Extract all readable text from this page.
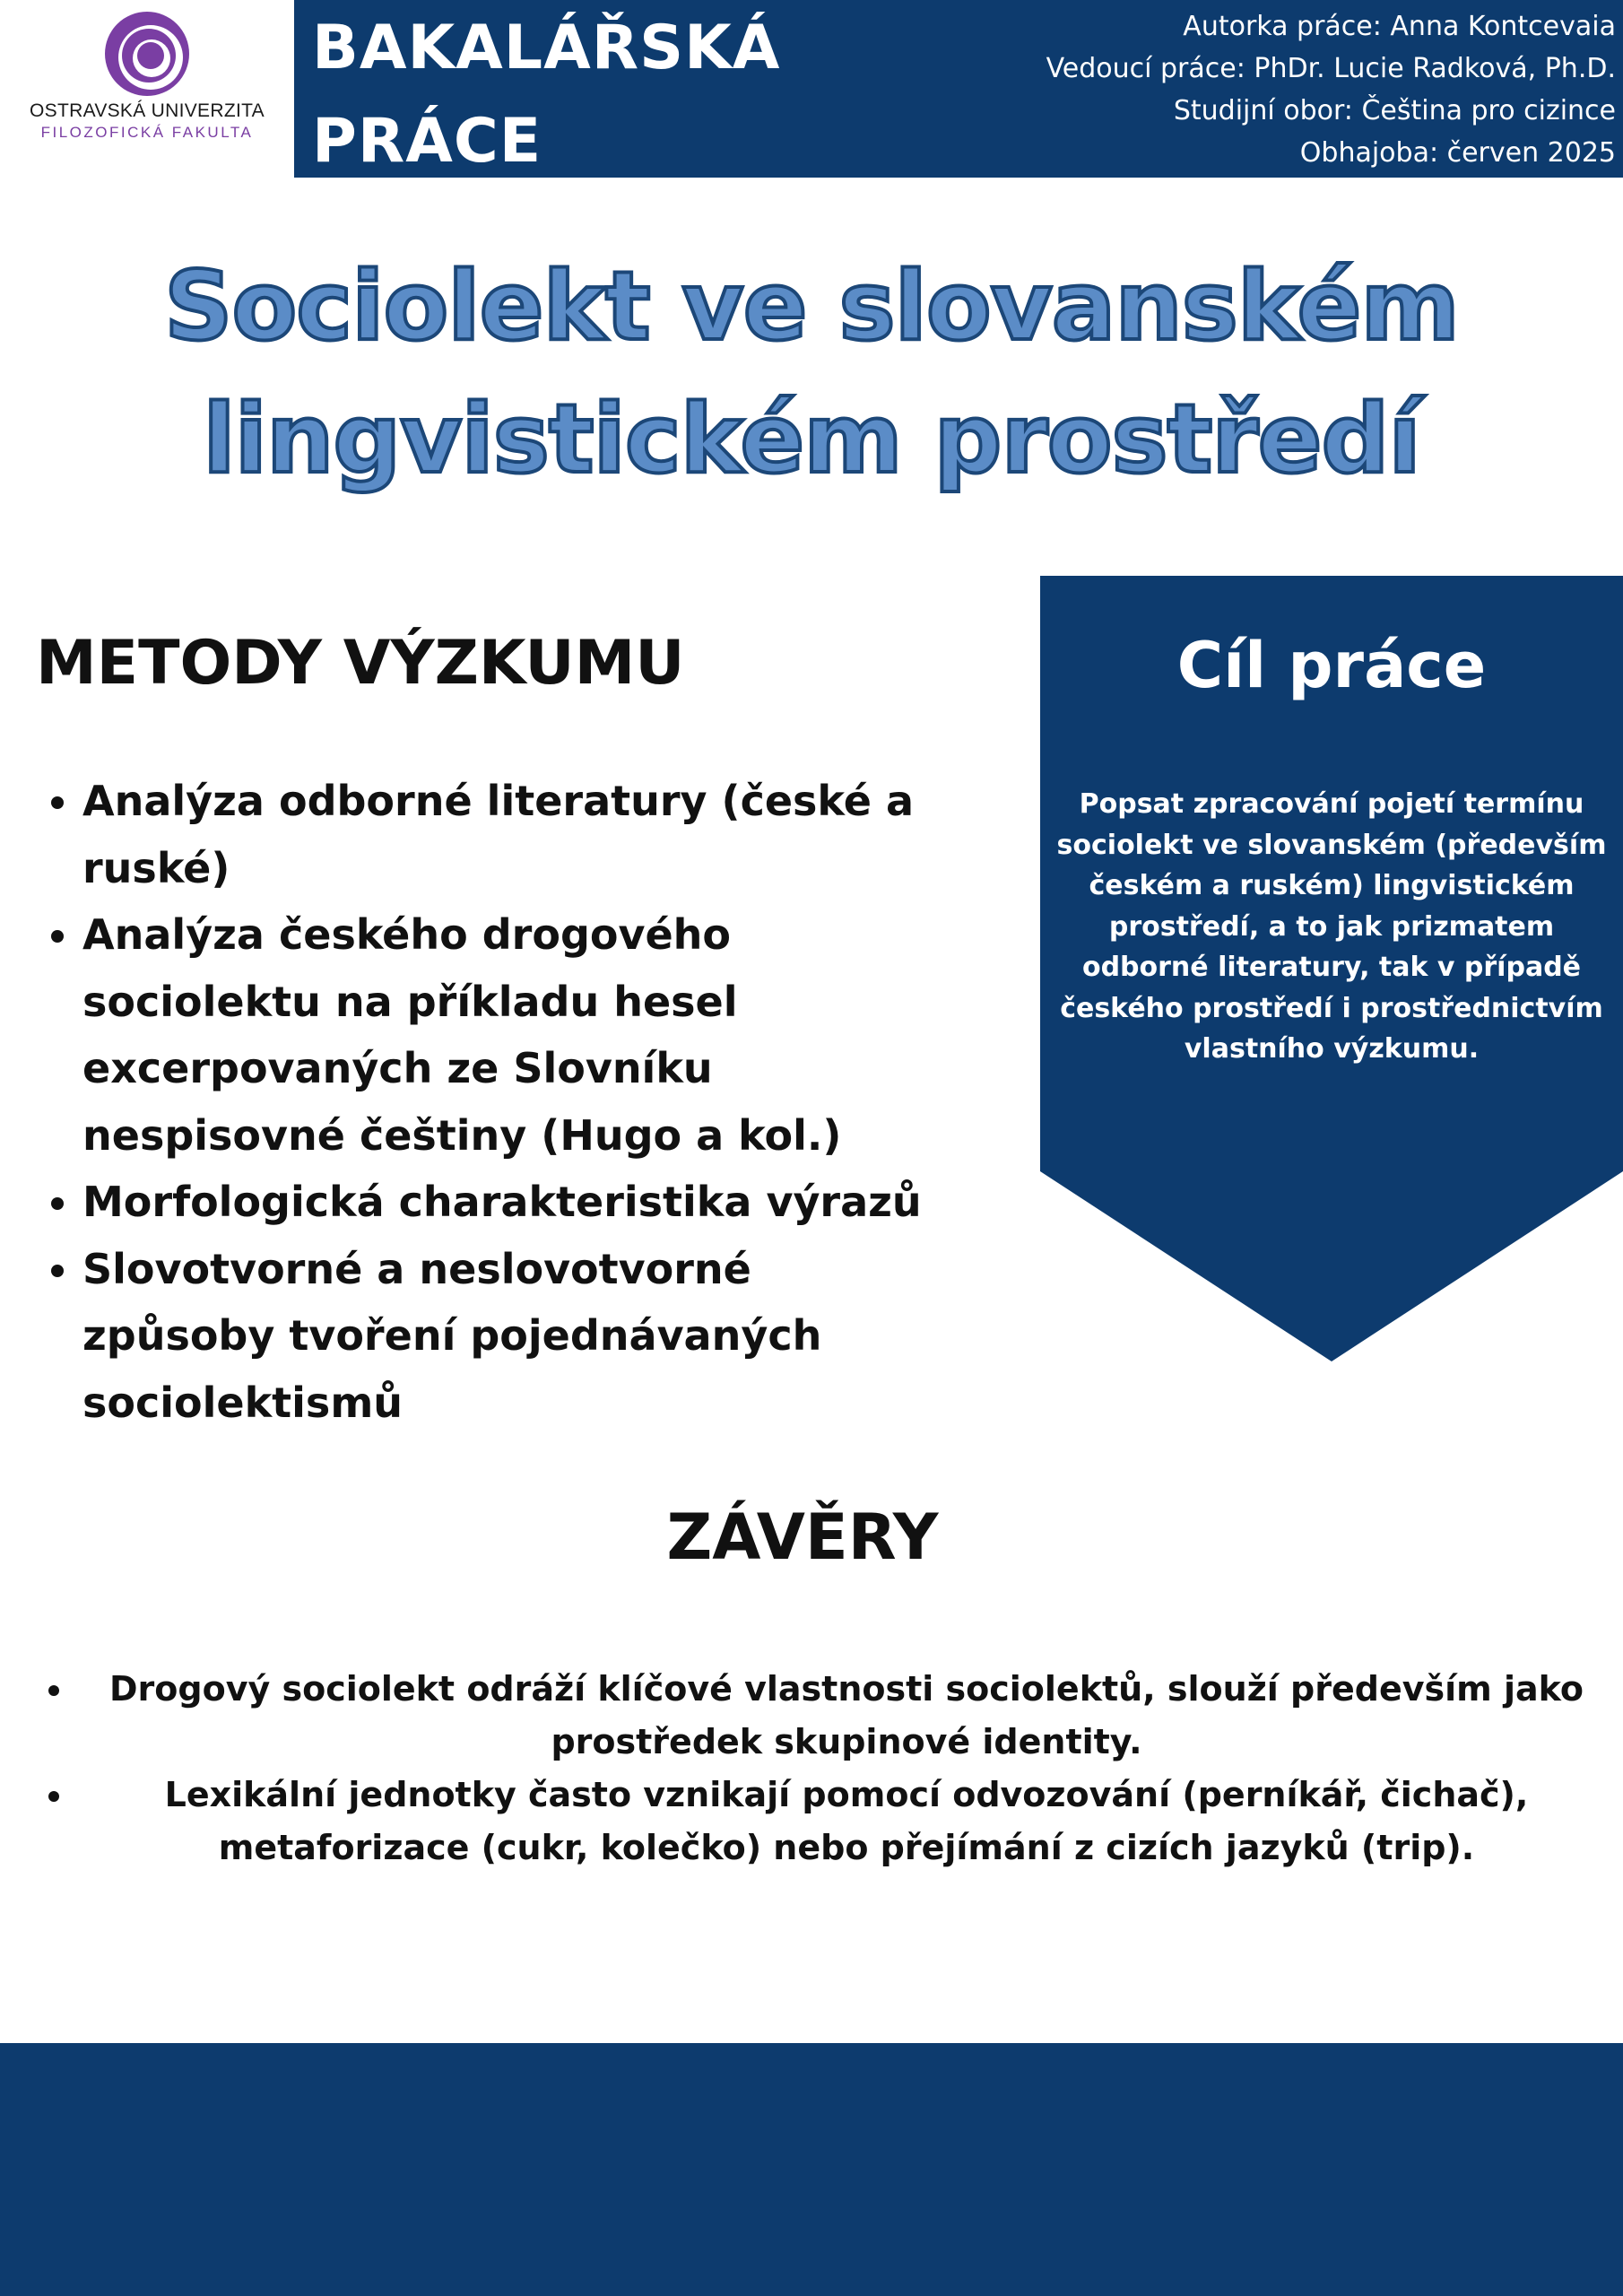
OSTRAVSKÁ UNIVERZITA
FILOZOFICKÁ FAKULTA
BAKALÁŘSKÁ
PRÁCE
Autorka práce: Anna Kontcevaia
Vedoucí práce: PhDr. Lucie Radková, Ph.D.
Studijní obor: Čeština pro cizince
Obhajoba: červen 2025
Sociolekt ve slovanském
lingvistickém prostředí
METODY VÝZKUMU
• Analýza odborné literatury (české a ruské)
• Analýza českého drogového sociolektu na příkladu hesel excerpovaných ze Slovníku nespisovné češtiny (Hugo a kol.)
• Morfologická charakteristika výrazů
• Slovotvorné a neslovotvorné způsoby tvoření pojednávaných sociolektismů
Cíl práce
Popsat zpracování pojetí termínu sociolekt ve slovanském (především českém a ruském) lingvistickém prostředí, a to jak prizmatem odborné literatury, tak v případě českého prostředí i prostřednictvím vlastního výzkumu.
ZÁVĚRY
• Drogový sociolekt odráží klíčové vlastnosti sociolektů, slouží především jako prostředek skupinové identity.
• Lexikální jednotky často vznikají pomocí odvozování (perníkář, čichač), metaforizace (cukr, kolečko) nebo přejímání z cizích jazyků (trip).
